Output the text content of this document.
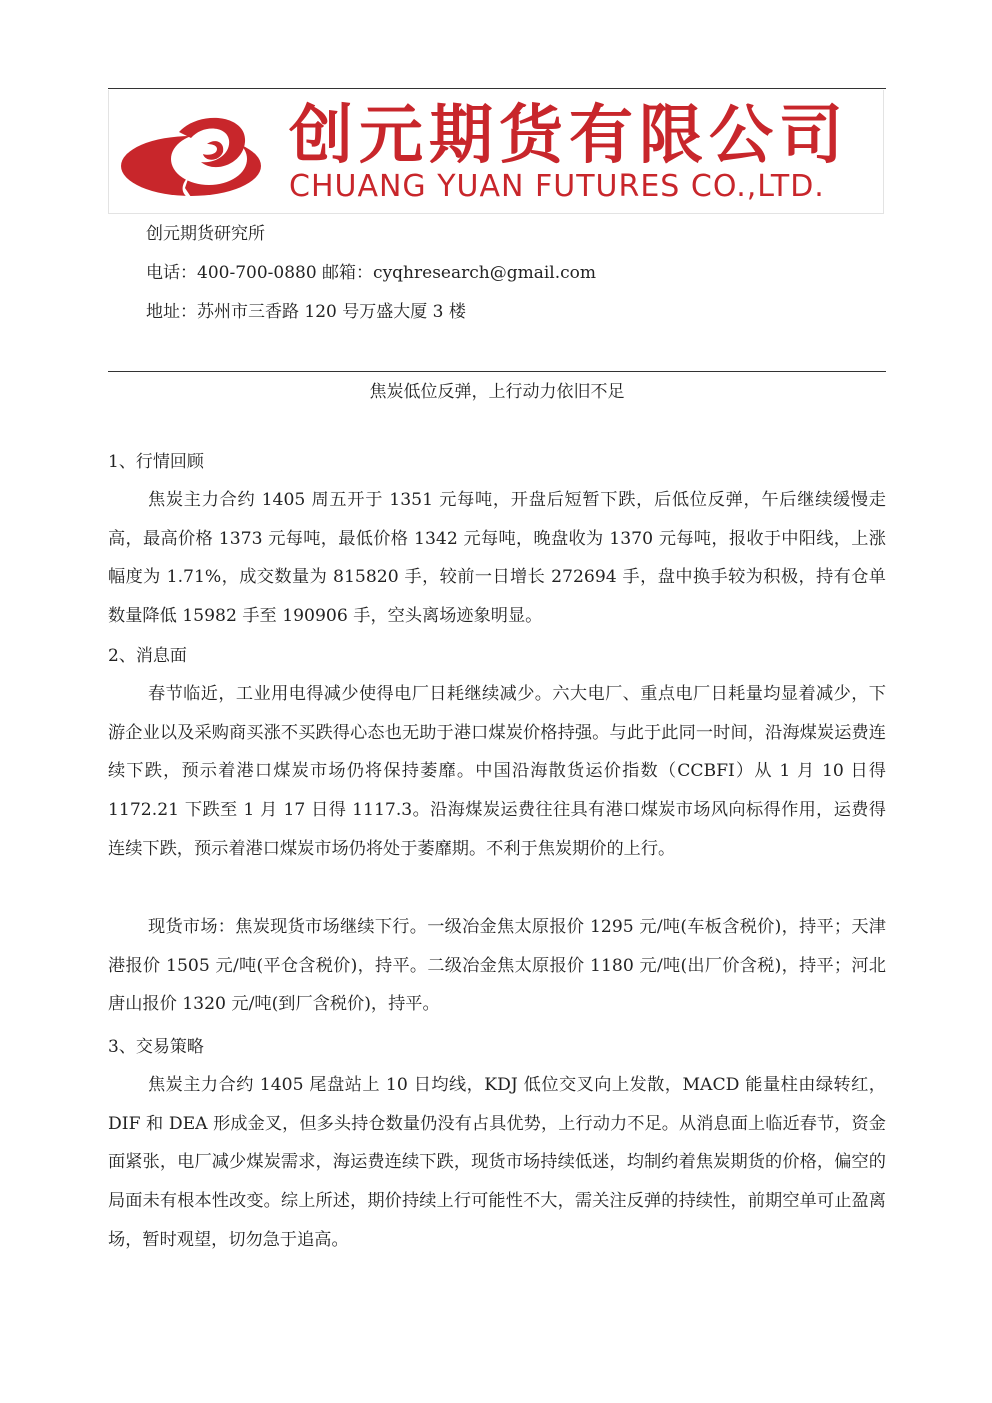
创元期货有限公司
CHUANG YUAN FUTURES CO.,LTD.
创元期货研究所
电话：400-700-0880 邮箱：cyqhresearch@gmail.com
地址：苏州市三香路 120 号万盛大厦 3 楼
焦炭低位反弹，上行动力依旧不足
1、行情回顾

焦炭主力合约 1405 周五开于 1351 元每吨，开盘后短暂下跌，后低位反弹，午后继续缓慢走高，最高价格 1373 元每吨，最低价格 1342 元每吨，晚盘收为 1370 元每吨，报收于中阳线，上涨幅度为 1.71%，成交数量为 815820 手，较前一日增长 272694 手，盘中换手较为积极，持有仓单数量降低 15982 手至 190906 手，空头离场迹象明显。

2、消息面

春节临近，工业用电得减少使得电厂日耗继续减少。六大电厂、重点电厂日耗量均显着减少，下游企业以及采购商买涨不买跌得心态也无助于港口煤炭价格持强。与此于此同一时间，沿海煤炭运费连续下跌，预示着港口煤炭市场仍将保持萎靡。中国沿海散货运价指数（CCBFI）从 1 月 10 日得 1172.21 下跌至 1 月 17 日得 1117.3。沿海煤炭运费往往具有港口煤炭市场风向标得作用，运费得连续下跌，预示着港口煤炭市场仍将处于萎靡期。不利于焦炭期价的上行。

现货市场：焦炭现货市场继续下行。一级冶金焦太原报价 1295 元/吨(车板含税价)，持平；天津港报价 1505 元/吨(平仓含税价)，持平。二级冶金焦太原报价 1180 元/吨(出厂价含税)，持平；河北唐山报价 1320 元/吨(到厂含税价)，持平。

3、交易策略

焦炭主力合约 1405 尾盘站上 10 日均线，KDJ 低位交叉向上发散，MACD 能量柱由绿转红，DIF 和 DEA 形成金叉，但多头持仓数量仍没有占具优势，上行动力不足。从消息面上临近春节，资金面紧张，电厂减少煤炭需求，海运费连续下跌，现货市场持续低迷，均制约着焦炭期货的价格，偏空的局面未有根本性改变。综上所述，期价持续上行可能性不大，需关注反弹的持续性，前期空单可止盈离场，暂时观望，切勿急于追高。
